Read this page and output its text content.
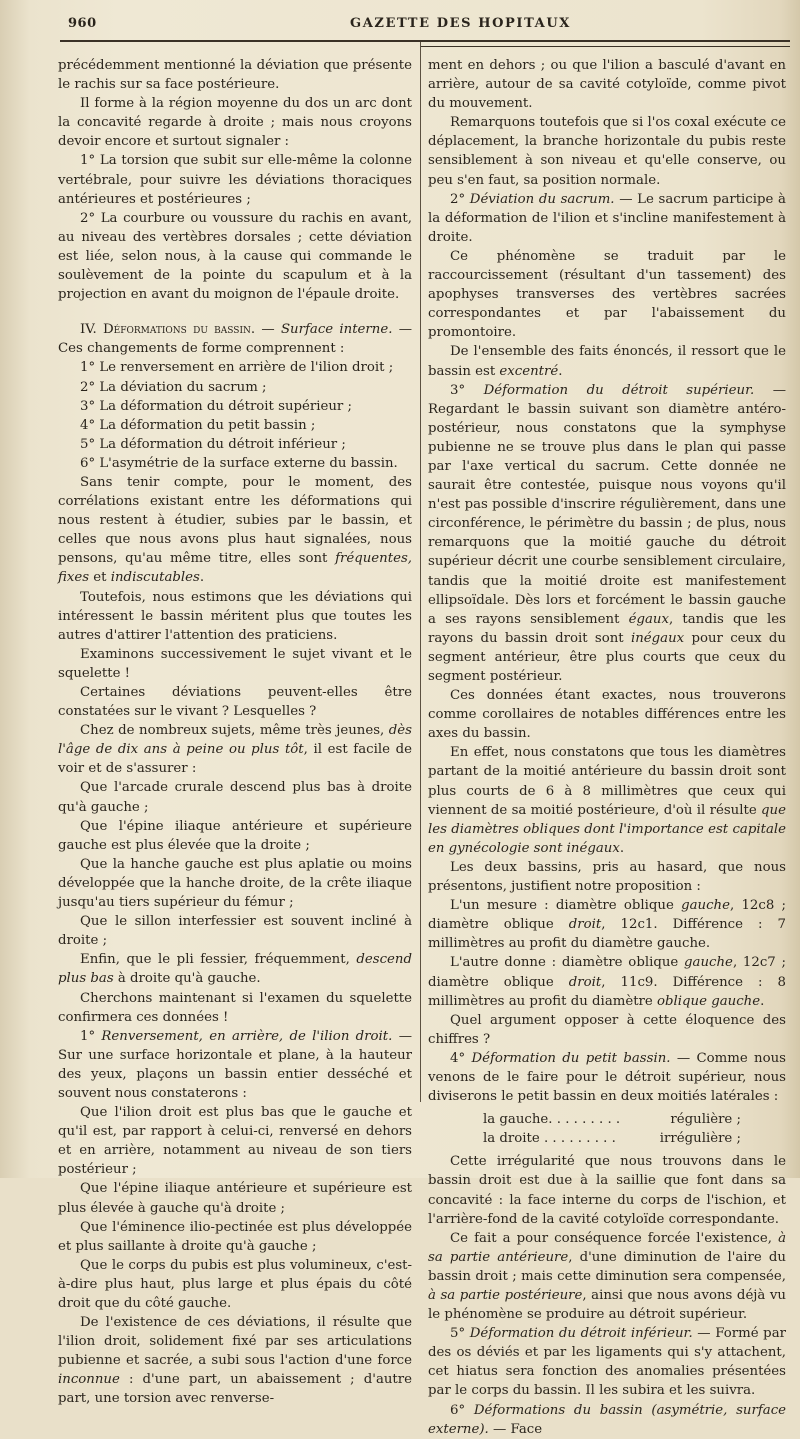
960	GAZETTE DES HOPITAUX

précédemment mentionné la déviation que présente le rachis sur sa face postérieure.

Il forme à la région moyenne du dos un arc dont la concavité regarde à droite ; mais nous croyons devoir encore et surtout signaler :

1° La torsion que subit sur elle-même la colonne vertébrale, pour suivre les déviations thoraciques antérieures et postérieures ;

2° La courbure ou voussure du rachis en avant, au niveau des vertèbres dorsales ; cette déviation est liée, selon nous, à la cause qui commande le soulèvement de la pointe du scapulum et à la projection en avant du moignon de l'épaule droite.

IV. Déformations du bassin. — Surface interne. — Ces changements de forme comprennent :

1° Le renversement en arrière de l'ilion droit ;

2° La déviation du sacrum ;

3° La déformation du détroit supérieur ;

4° La déformation du petit bassin ;

5° La déformation du détroit inférieur ;

6° L'asymétrie de la surface externe du bassin.

Sans tenir compte, pour le moment, des corrélations existant entre les déformations qui nous restent à étudier, subies par le bassin, et celles que nous avons plus haut signalées, nous pensons, qu'au même titre, elles sont fréquentes, fixes et indiscutables.

Toutefois, nous estimons que les déviations qui intéressent le bassin méritent plus que toutes les autres d'attirer l'attention des praticiens.

Examinons successivement le sujet vivant et le squelette !

Certaines déviations peuvent-elles être constatées sur le vivant ? Lesquelles ?

Chez de nombreux sujets, même très jeunes, dès l'âge de dix ans à peine ou plus tôt, il est facile de voir et de s'assurer :

Que l'arcade crurale descend plus bas à droite qu'à gauche ;

Que l'épine iliaque antérieure et supérieure gauche est plus élevée que la droite ;

Que la hanche gauche est plus aplatie ou moins développée que la hanche droite, de la crête iliaque jusqu'au tiers supérieur du fémur ;

Que le sillon interfessier est souvent incliné à droite ;

Enfin, que le pli fessier, fréquemment, descend plus bas à droite qu'à gauche.

Cherchons maintenant si l'examen du squelette confirmera ces données !

1° Renversement, en arrière, de l'ilion droit. — Sur une surface horizontale et plane, à la hauteur des yeux, plaçons un bassin entier desséché et souvent nous constaterons :

Que l'ilion droit est plus bas que le gauche et qu'il est, par rapport à celui-ci, renversé en dehors et en arrière, notamment au niveau de son tiers postérieur ;

Que l'épine iliaque antérieure et supérieure est plus élevée à gauche qu'à droite ;

Que l'éminence ilio-pectinée est plus développée et plus saillante à droite qu'à gauche ;

Que le corps du pubis est plus volumineux, c'est-à-dire plus haut, plus large et plus épais du côté droit que du côté gauche.

De l'existence de ces déviations, il résulte que l'ilion droit, solidement fixé par ses articulations pubienne et sacrée, a subi sous l'action d'une force inconnue : d'une part, un abaissement ; d'autre part, une torsion avec renverse-

ment en dehors ; ou que l'ilion a basculé d'avant en arrière, autour de sa cavité cotyloïde, comme pivot du mouvement.

Remarquons toutefois que si l'os coxal exécute ce déplacement, la branche horizontale du pubis reste sensiblement à son niveau et qu'elle conserve, ou peu s'en faut, sa position normale.

2° Déviation du sacrum. — Le sacrum participe à la déformation de l'ilion et s'incline manifestement à droite.

Ce phénomène se traduit par le raccourcissement (résultant d'un tassement) des apophyses transverses des vertèbres sacrées correspondantes et par l'abaissement du promontoire.

De l'ensemble des faits énoncés, il ressort que le bassin est excentré.

3° Déformation du détroit supérieur. — Regardant le bassin suivant son diamètre antéro-postérieur, nous constatons que la symphyse pubienne ne se trouve plus dans le plan qui passe par l'axe vertical du sacrum. Cette donnée ne saurait être contestée, puisque nous voyons qu'il n'est pas possible d'inscrire régulièrement, dans une circonférence, le périmètre du bassin ; de plus, nous remarquons que la moitié gauche du détroit supérieur décrit une courbe sensiblement circulaire, tandis que la moitié droite est manifestement ellipsoïdale. Dès lors et forcément le bassin gauche a ses rayons sensiblement égaux, tandis que les rayons du bassin droit sont inégaux pour ceux du segment antérieur, être plus courts que ceux du segment postérieur.

Ces données étant exactes, nous trouverons comme corollaires de notables différences entre les axes du bassin.

En effet, nous constatons que tous les diamètres partant de la moitié antérieure du bassin droit sont plus courts de 6 à 8 millimètres que ceux qui viennent de sa moitié postérieure, d'où il résulte que les diamètres obliques dont l'importance est capitale en gynécologie sont inégaux.

Les deux bassins, pris au hasard, que nous présentons, justifient notre proposition :

L'un mesure : diamètre oblique gauche, 12c8 ; diamètre oblique droit, 12c1. Différence : 7 millimètres au profit du diamètre gauche.

L'autre donne : diamètre oblique gauche, 12c7 ; diamètre oblique droit, 11c9. Différence : 8 millimètres au profit du diamètre oblique gauche.

Quel argument opposer à cette éloquence des chiffres ?

4° Déformation du petit bassin. — Comme nous venons de le faire pour le détroit supérieur, nous diviserons le petit bassin en deux moitiés latérales :

la gauche. . . . . . . . .	régulière ;
la droite . . . . . . . . .	irrégulière ;

Cette irrégularité que nous trouvons dans le bassin droit est due à la saillie que font dans sa concavité : la face interne du corps de l'ischion, et l'arrière-fond de la cavité cotyloïde correspondante.

Ce fait a pour conséquence forcée l'existence, à sa partie antérieure, d'une diminution de l'aire du bassin droit ; mais cette diminution sera compensée, à sa partie postérieure, ainsi que nous avons déjà vu le phénomène se produire au détroit supérieur.

5° Déformation du détroit inférieur. — Formé par des os déviés et par les ligaments qui s'y attachent, cet hiatus sera fonction des anomalies présentées par le corps du bassin. Il les subira et les suivra.

6° Déformations du bassin (asymétrie, surface externe). — Face
